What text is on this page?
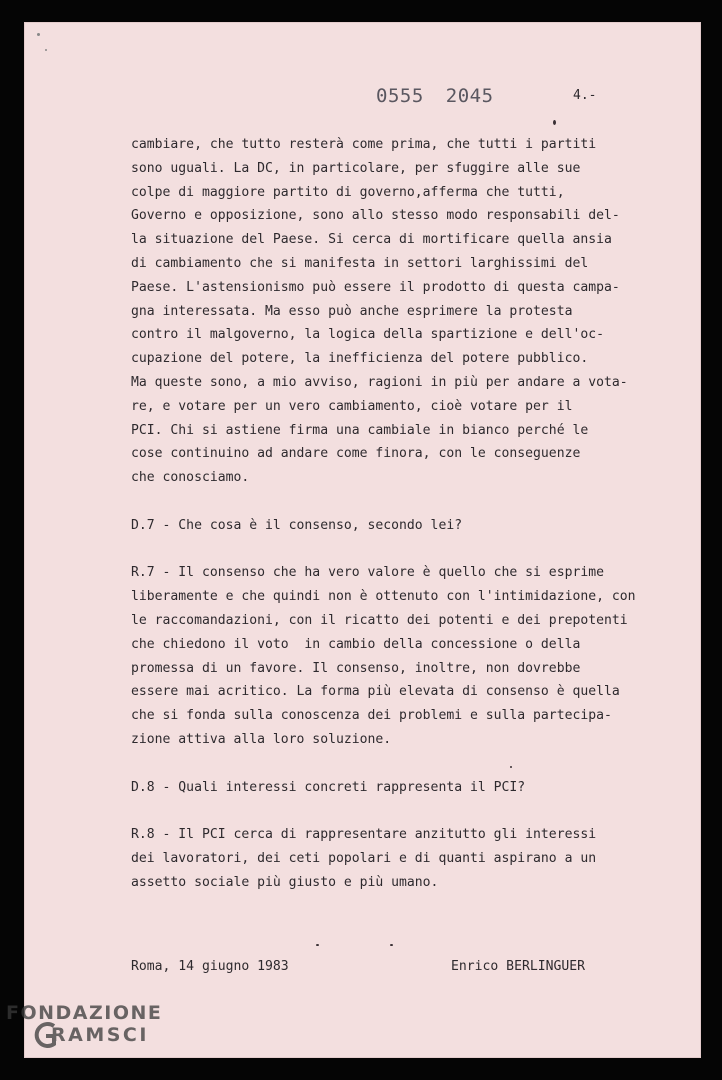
0555 2045	4.-
cambiare, che tutto resterà come prima, che tutti i partiti
sono uguali. La DC, in particolare, per sfuggire alle sue
colpe di maggiore partito di governo,afferma che tutti,
Governo e opposizione, sono allo stesso modo responsabili del-
la situazione del Paese. Si cerca di mortificare quella ansia
di cambiamento che si manifesta in settori larghissimi del
Paese. L'astensionismo può essere il prodotto di questa campa-
gna interessata. Ma esso può anche esprimere la protesta
contro il malgoverno, la logica della spartizione e dell'oc-
cupazione del potere, la inefficienza del potere pubblico.
Ma queste sono, a mio avviso, ragioni in più per andare a vota-
re, e votare per un vero cambiamento, cioè votare per il
PCI. Chi si astiene firma una cambiale in bianco perché le
cose continuino ad andare come finora, con le conseguenze
che conosciamo.
D.7 - Che cosa è il consenso, secondo lei?
R.7 - Il consenso che ha vero valore è quello che si esprime
liberamente e che quindi non è ottenuto con l'intimidazione, con
le raccomandazioni, con il ricatto dei potenti e dei prepotenti
che chiedono il voto  in cambio della concessione o della
promessa di un favore. Il consenso, inoltre, non dovrebbe
essere mai acritico. La forma più elevata di consenso è quella
che si fonda sulla conoscenza dei problemi e sulla partecipa-
zione attiva alla loro soluzione.
D.8 - Quali interessi concreti rappresenta il PCI?
R.8 - Il PCI cerca di rappresentare anzitutto gli interessi
dei lavoratori, dei ceti popolari e di quanti aspirano a un
assetto sociale più giusto e più umano.
Roma, 14 giugno 1983	Enrico BERLINGUER
FONDAZIONE
RAMSCI
